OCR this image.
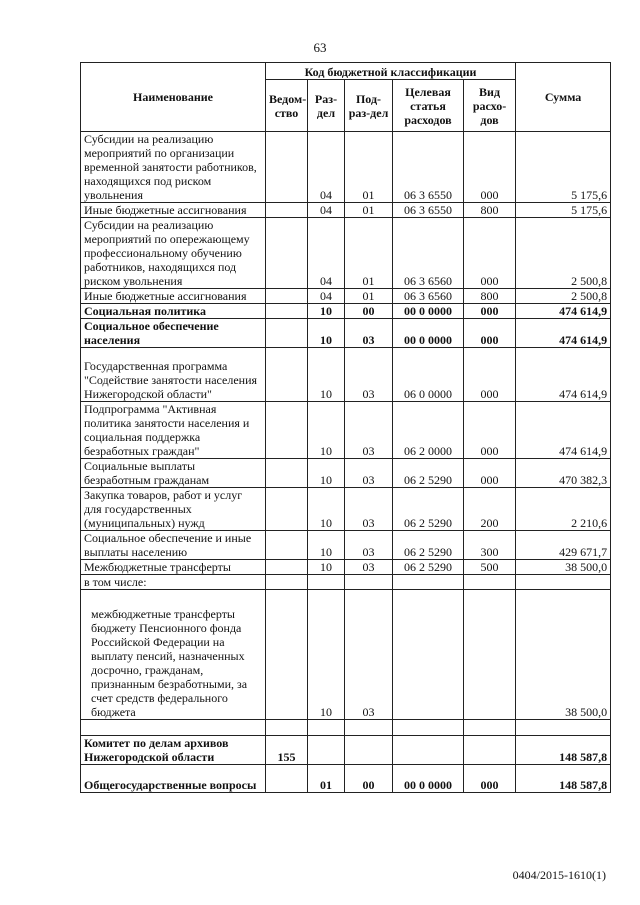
63
Наименование	Код бюджетной классификации					Сумма
	Ведом-ство	Раз-дел	Под-раз-дел	Целевая статья расходов	Вид расхо-дов	
Субсидии на реализацию мероприятий по организации временной занятости работников, находящихся под риском увольнения		04	01	06 3 6550	000	5 175,6
Иные бюджетные ассигнования		04	01	06 3 6550	800	5 175,6
Субсидии на реализацию мероприятий по опережающему профессиональному обучению работников, находящихся под риском увольнения		04	01	06 3 6560	000	2 500,8
Иные бюджетные ассигнования		04	01	06 3 6560	800	2 500,8
Социальная политика		10	00	00 0 0000	000	474 614,9
Социальное обеспечение населения		10	03	00 0 0000	000	474 614,9
Государственная программа "Содействие занятости населения Нижегородской области"		10	03	06 0 0000	000	474 614,9
Подпрограмма "Активная политика занятости населения и социальная поддержка безработных граждан"		10	03	06 2 0000	000	474 614,9
Социальные выплаты безработным гражданам		10	03	06 2 5290	000	470 382,3
Закупка товаров, работ и услуг для государственных (муниципальных) нужд		10	03	06 2 5290	200	2 210,6
Социальное обеспечение и иные выплаты населению		10	03	06 2 5290	300	429 671,7
Межбюджетные трансферты		10	03	06 2 5290	500	38 500,0
в том числе:						
межбюджетные трансферты бюджету Пенсионного фонда Российской Федерации на выплату пенсий, назначенных досрочно, гражданам, признанным безработными, за счет средств федерального бюджета		10	03			38 500,0

Комитет по делам архивов Нижегородской области	155					148 587,8
Общегосударственные вопросы		01	00	00 0 0000	000	148 587,8
0404/2015-1610(1)
